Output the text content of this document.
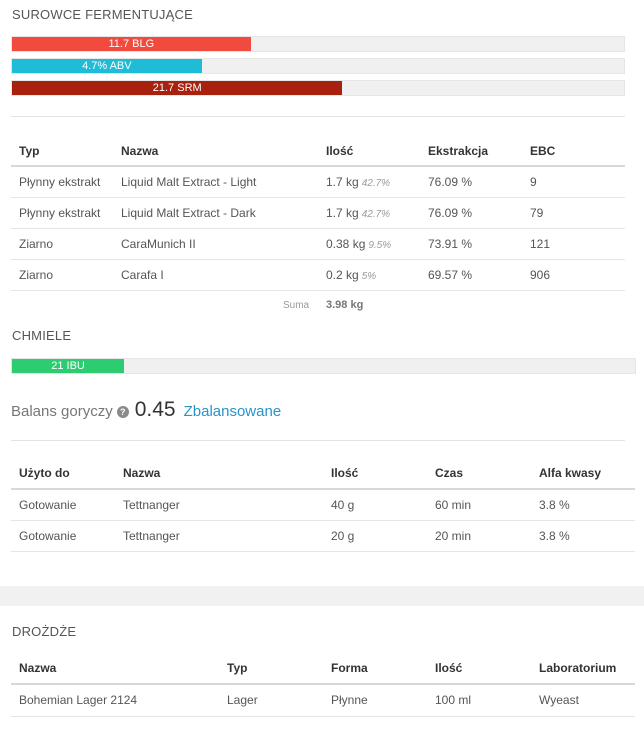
SUROWCE FERMENTUJĄCE
11.7 BLG
4.7% ABV
21.7 SRM
Typ	Nazwa	Ilość	Ekstrakcja	EBC
Płynny ekstrakt	Liquid Malt Extract - Light	1.7 kg 42.7%	76.09 %	9
Płynny ekstrakt	Liquid Malt Extract - Dark	1.7 kg 42.7%	76.09 %	79
Ziarno	CaraMunich II	0.38 kg 9.5%	73.91 %	121
Ziarno	Carafa I	0.2 kg 5%	69.57 %	906
Suma 3.98 kg
CHMIELE
21 IBU
Balans goryczy ? 0.45 Zbalansowane
Użyto do	Nazwa	Ilość	Czas	Alfa kwasy
Gotowanie	Tettnanger	40 g	60 min	3.8 %
Gotowanie	Tettnanger	20 g	20 min	3.8 %
DROŻDŻE
Nazwa	Typ	Forma	Ilość	Laboratorium
Bohemian Lager 2124	Lager	Płynne	100 ml	Wyeast
